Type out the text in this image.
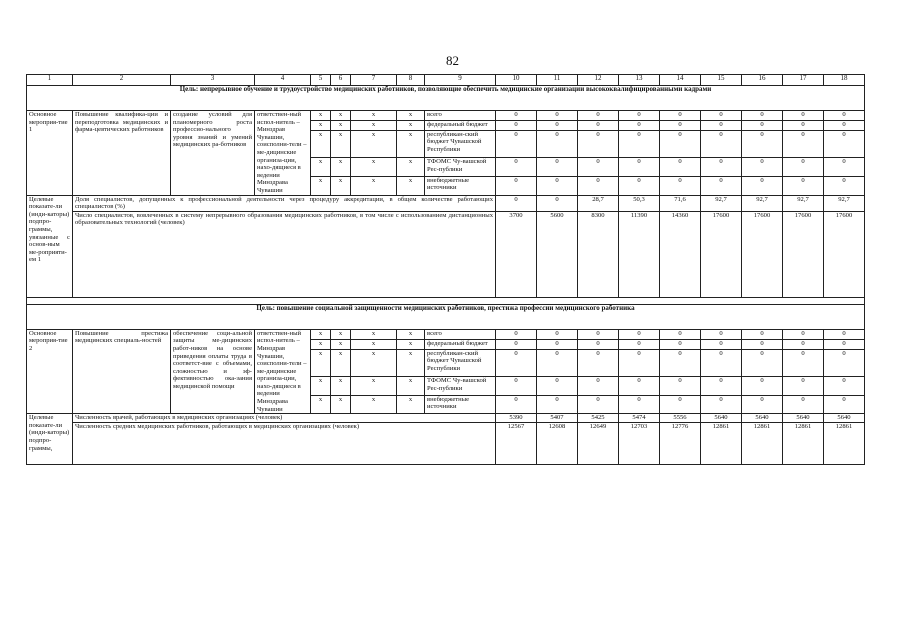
82
1	2	3	4	5	6	7	8	9	10	11	12	13	14	15	16	17	18
Цель: непрерывное обучение и трудоустройство медицинских работников, позволяющие обеспечить медицинские организации высококвалифицированными кадрами																	
Основное мероприя-тие 1	Повышение квалифика-ции и переподготовка медицинских и фарма-цевтических работников	создание условий для планомерного роста профессио-нального уровня знаний и умений медицинских ра-ботников	ответствен-ный испол-нитель – Минздрав Чувашии, соисполни-тели – ме-дицинские организа-ции, нахо-дящиеся в ведении Минздрава Чувашии	x	x	x	x	всего	0	0	0	0	0	0	0	0	0
				x	x	x	x	федеральный бюджет	0	0	0	0	0	0	0	0	0
				x	x	x	x	республикан-ский бюджет Чувашской Республики	0	0	0	0	0	0	0	0	0
				x	x	x	x	ТФОМС Чу-вашской Рес-публики	0	0	0	0	0	0	0	0	0
				x	x	x	x	внебюджетные источники	0	0	0	0	0	0	0	0	0
Целевые показате-ли (инди-каторы) подпро-граммы, увязанные с основ-ным ме-роприяти-ем 1	Доля специалистов, допущенных к профессиональной деятельности через процедуру аккредитации, в общем количестве работающих специалистов (%)								0	0	28,7	50,3	71,6	92,7	92,7	92,7	92,7
	Число специалистов, вовлеченных в систему непрерывного образования медицинских работников, в том числе с использованием дистанционных образовательных технологий (человек)								3700	5600	8300	11390	14360	17600	17600	17600	17600

Цель: повышение социальной защищенности медицинских работников, престижа профессии медицинского работника																	
Основное мероприя-тие 2	Повышение престижа медицинских специаль-ностей	обеспечение соци-альной защиты ме-дицинских работ-ников на основе приведения оплаты труда в соответст-вие с объемами, сложностью и эф-фективностью ока-зания медицинской помощи	ответствен-ный испол-нитель – Минздрав Чувашии, соисполни-тели – ме-дицинские организа-ции, нахо-дящиеся в ведении Минздрава Чувашии	x	x	x	x	всего	0	0	0	0	0	0	0	0	0
				x	x	x	x	федеральный бюджет	0	0	0	0	0	0	0	0	0
				x	x	x	x	республикан-ский бюджет Чувашской Республики	0	0	0	0	0	0	0	0	0
				x	x	x	x	ТФОМС Чу-вашской Рес-публики	0	0	0	0	0	0	0	0	0
				x	x	x	x	внебюджетные источники	0	0	0	0	0	0	0	0	0
Целевые показате-ли (инди-каторы) подпро-граммы,	Численность врачей, работающих в медицинских организациях (человек)								5390	5407	5425	5474	5556	5640	5640	5640	5640
	Численность средних медицинских работников, работающих в медицинских организациях (человек)								12567	12608	12649	12703	12776	12861	12861	12861	12861
